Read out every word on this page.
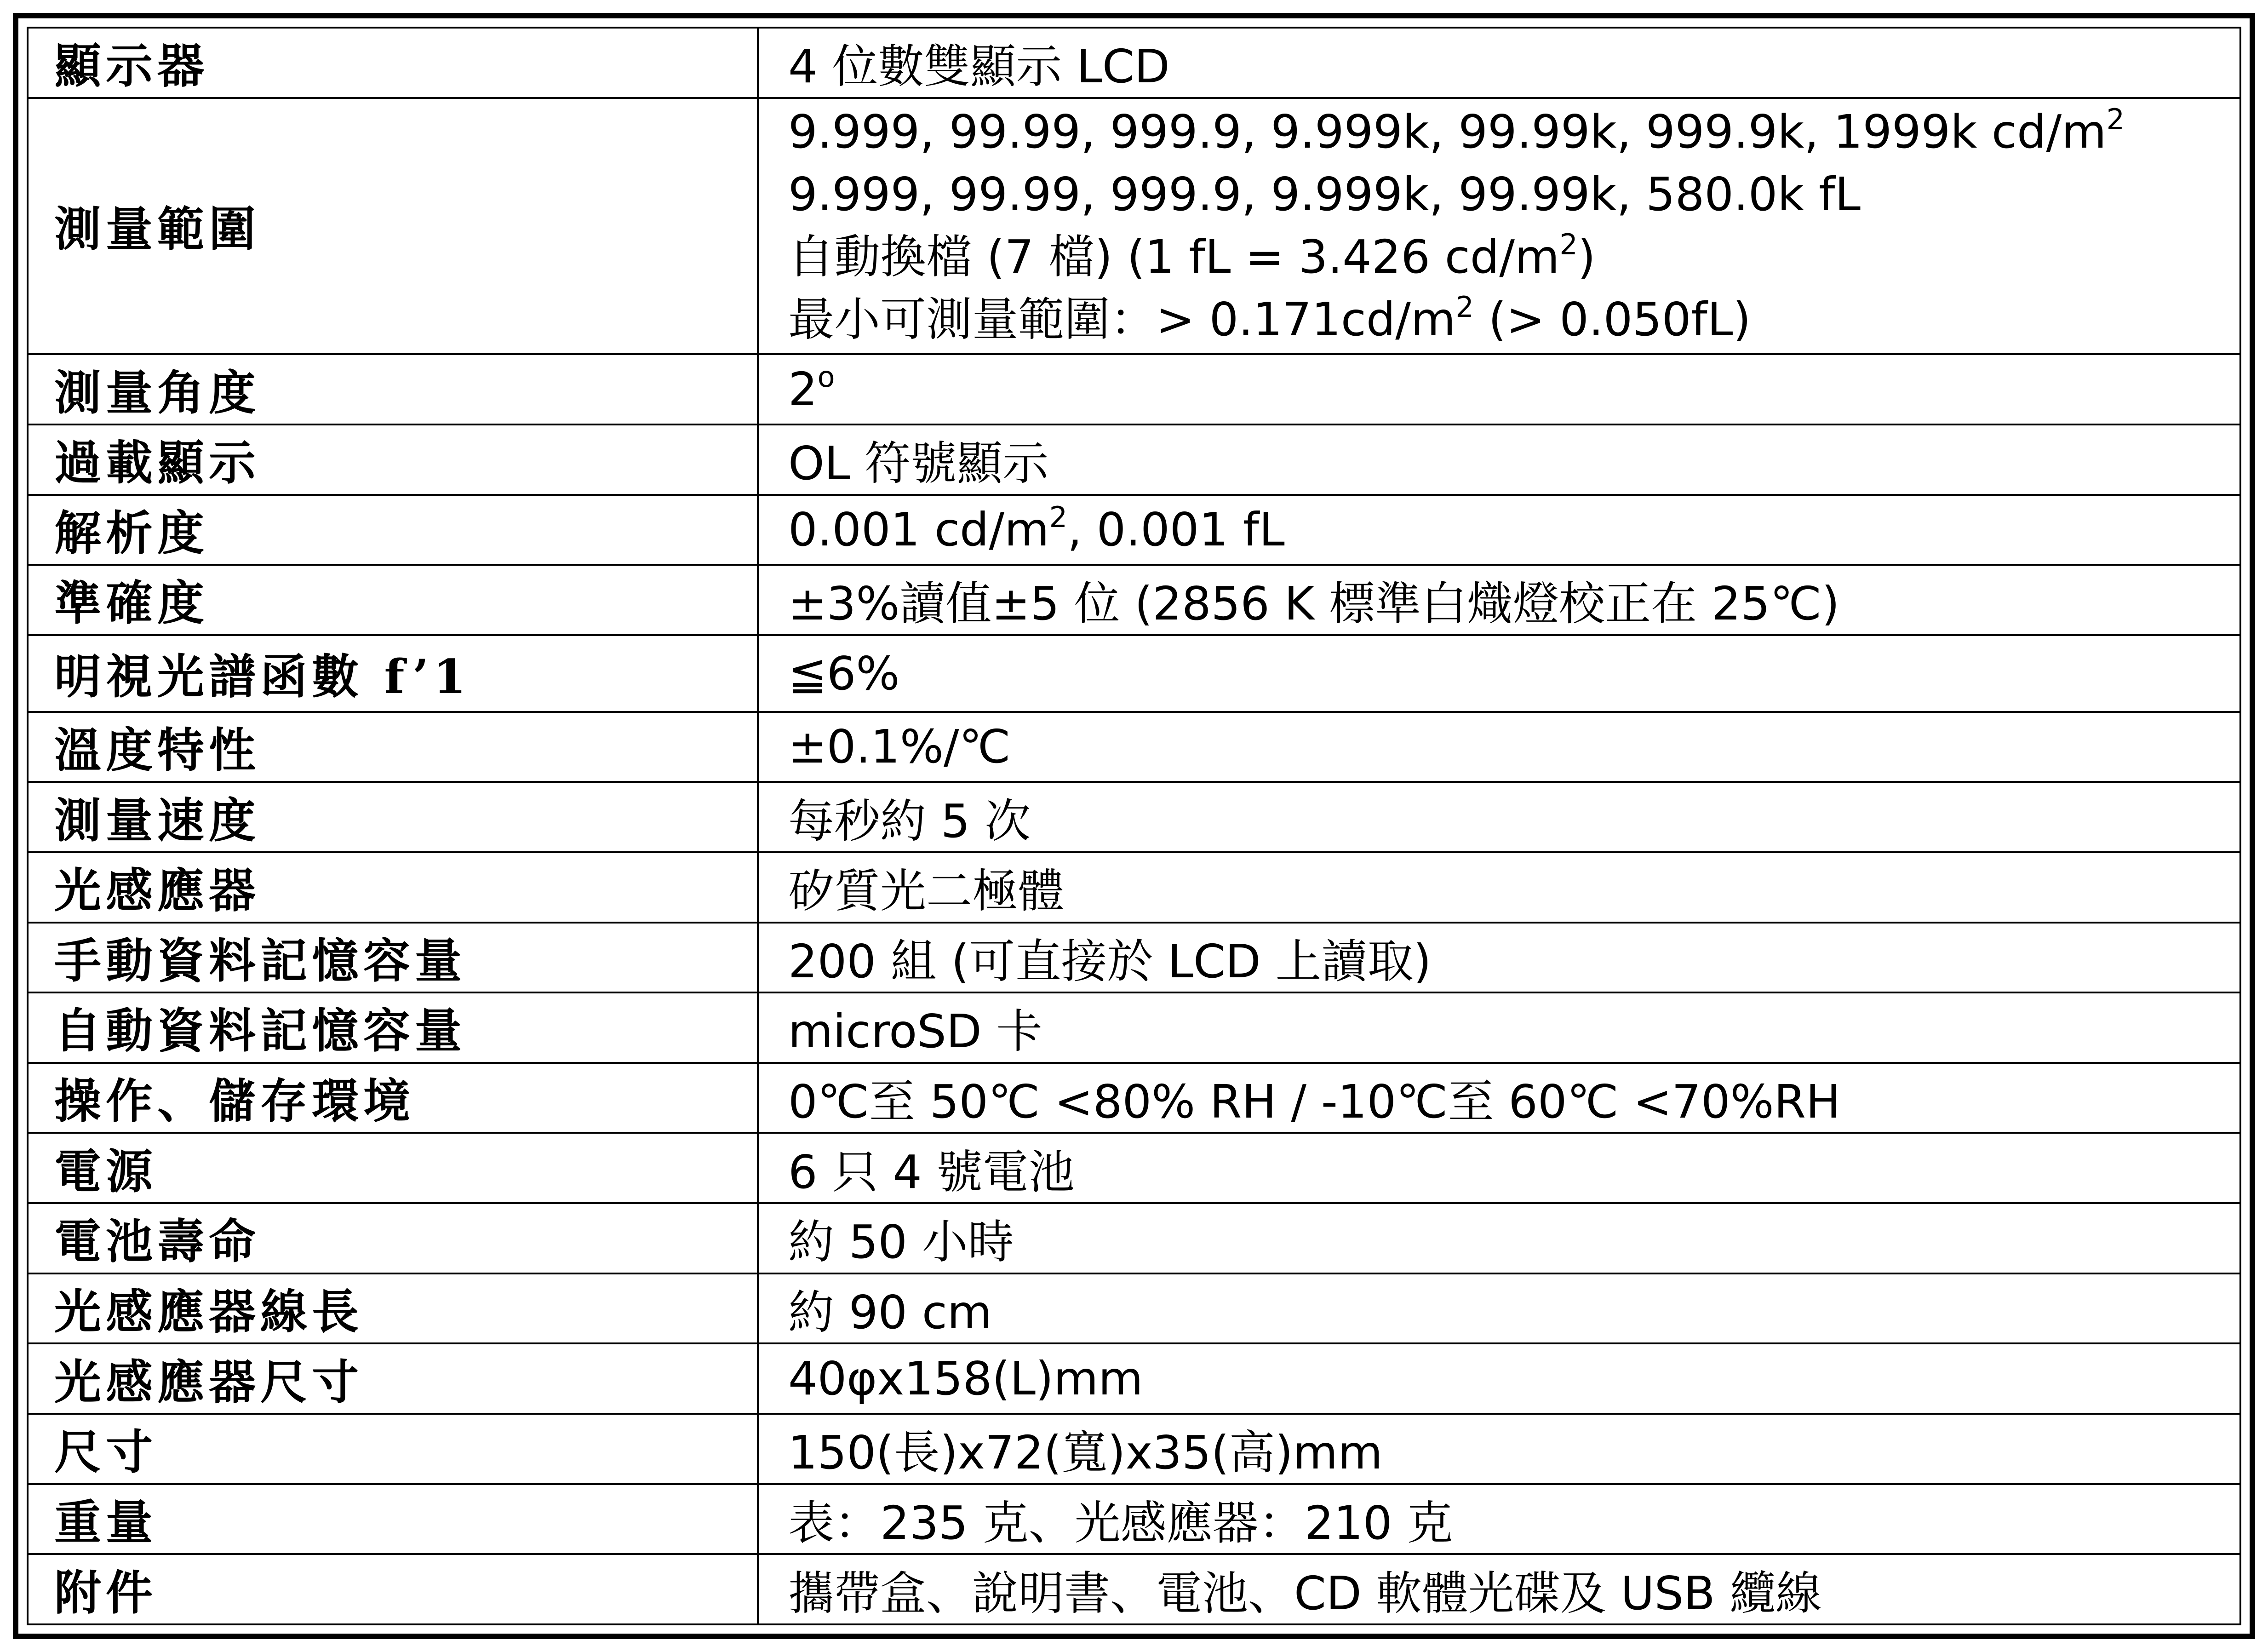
顯示器	4 位數雙顯示 LCD
測量範圍	9.999, 99.99, 999.9, 9.999k, 99.99k, 999.9k, 1999k $cd/m^2$
9.999, 99.99, 999.9, 9.999k, 99.99k, 580.0k fL
自動換檔 (7 檔) (1 fL = 3.426 $cd/m^2$)
最小可測量範圍：> $0.171cd/m^2$ (> 0.050fL)

測量角度	2$^o$
過載顯示	OL 符號顯示
解析度	0.001 $cd/m^2$, 0.001 fL
準確度	±3%讀值±5 位 (2856 K 標準白熾燈校正在 25℃)
明視光譜函數 f’1	≦6%
溫度特性	±0.1%/℃
測量速度	每秒約 5 次
光感應器	矽質光二極體
手動資料記憶容量	200 組 (可直接於 LCD 上讀取)
自動資料記憶容量	microSD 卡
操作、儲存環境	0℃至 50℃ <80% RH / -10℃至 60℃ <70%RH
電源	6 只 4 號電池
電池壽命	約 50 小時
光感應器線長	約 90 cm
光感應器尺寸	40φx158(L)mm
尺寸	150(長)x72(寬)x35(高)mm
重量	表：235 克、光感應器：210 克
附件	攜帶盒、說明書、電池、CD 軟體光碟及 USB 纜線
